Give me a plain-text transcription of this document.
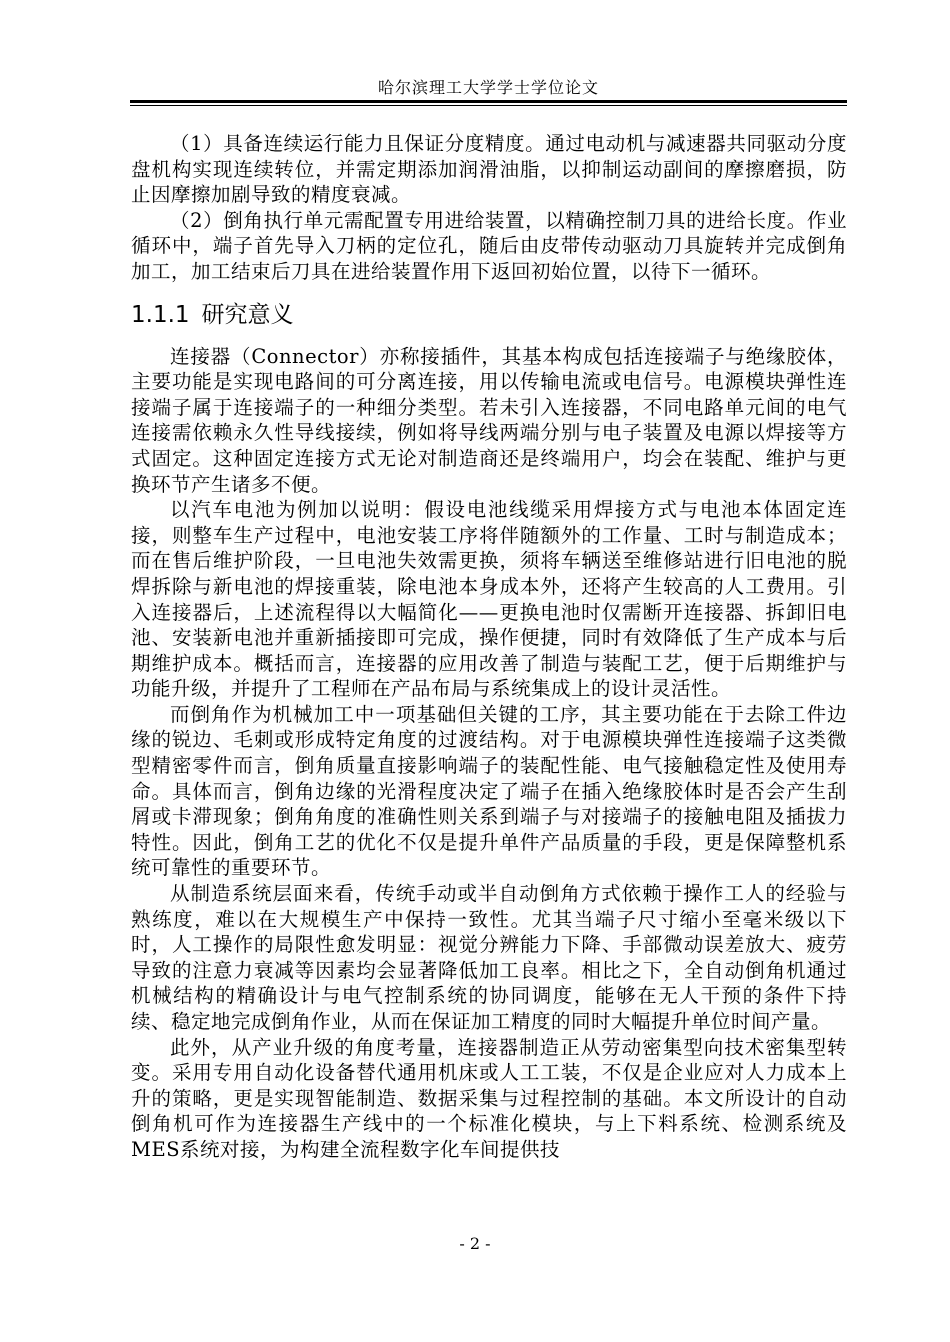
哈尔滨理工大学学士学位论文

（1）具备连续运行能力且保证分度精度。通过电动机与减速器共同驱动分度盘机构实现连续转位，并需定期添加润滑油脂，以抑制运动副间的摩擦磨损，防止因摩擦加剧导致的精度衰减。

（2）倒角执行单元需配置专用进给装置，以精确控制刀具的进给长度。作业循环中，端子首先导入刀柄的定位孔，随后由皮带传动驱动刀具旋转并完成倒角加工，加工结束后刀具在进给装置作用下返回初始位置，以待下一循环。

1.1.1 研究意义

连接器（Connector）亦称接插件，其基本构成包括连接端子与绝缘胶体，主要功能是实现电路间的可分离连接，用以传输电流或电信号。电源模块弹性连接端子属于连接端子的一种细分类型。若未引入连接器，不同电路单元间的电气连接需依赖永久性导线接续，例如将导线两端分别与电子装置及电源以焊接等方式固定。这种固定连接方式无论对制造商还是终端用户，均会在装配、维护与更换环节产生诸多不便。

以汽车电池为例加以说明：假设电池线缆采用焊接方式与电池本体固定连接，则整车生产过程中，电池安装工序将伴随额外的工作量、工时与制造成本；而在售后维护阶段，一旦电池失效需更换，须将车辆送至维修站进行旧电池的脱焊拆除与新电池的焊接重装，除电池本身成本外，还将产生较高的人工费用。引入连接器后，上述流程得以大幅简化——更换电池时仅需断开连接器、拆卸旧电池、安装新电池并重新插接即可完成，操作便捷，同时有效降低了生产成本与后期维护成本。概括而言，连接器的应用改善了制造与装配工艺，便于后期维护与功能升级，并提升了工程师在产品布局与系统集成上的设计灵活性。

而倒角作为机械加工中一项基础但关键的工序，其主要功能在于去除工件边缘的锐边、毛刺或形成特定角度的过渡结构。对于电源模块弹性连接端子这类微型精密零件而言，倒角质量直接影响端子的装配性能、电气接触稳定性及使用寿命。具体而言，倒角边缘的光滑程度决定了端子在插入绝缘胶体时是否会产生刮屑或卡滞现象；倒角角度的准确性则关系到端子与对接端子的接触电阻及插拔力特性。因此，倒角工艺的优化不仅是提升单件产品质量的手段，更是保障整机系统可靠性的重要环节。

从制造系统层面来看，传统手动或半自动倒角方式依赖于操作工人的经验与熟练度，难以在大规模生产中保持一致性。尤其当端子尺寸缩小至毫米级以下时，人工操作的局限性愈发明显：视觉分辨能力下降、手部微动误差放大、疲劳导致的注意力衰减等因素均会显著降低加工良率。相比之下，全自动倒角机通过机械结构的精确设计与电气控制系统的协同调度，能够在无人干预的条件下持续、稳定地完成倒角作业，从而在保证加工精度的同时大幅提升单位时间产量。

此外，从产业升级的角度考量，连接器制造正从劳动密集型向技术密集型转变。采用专用自动化设备替代通用机床或人工工装，不仅是企业应对人力成本上升的策略，更是实现智能制造、数据采集与过程控制的基础。本文所设计的自动倒角机可作为连接器生产线中的一个标准化模块，与上下料系统、检测系统及MES系统对接，为构建全流程数字化车间提供技

- 2 -
